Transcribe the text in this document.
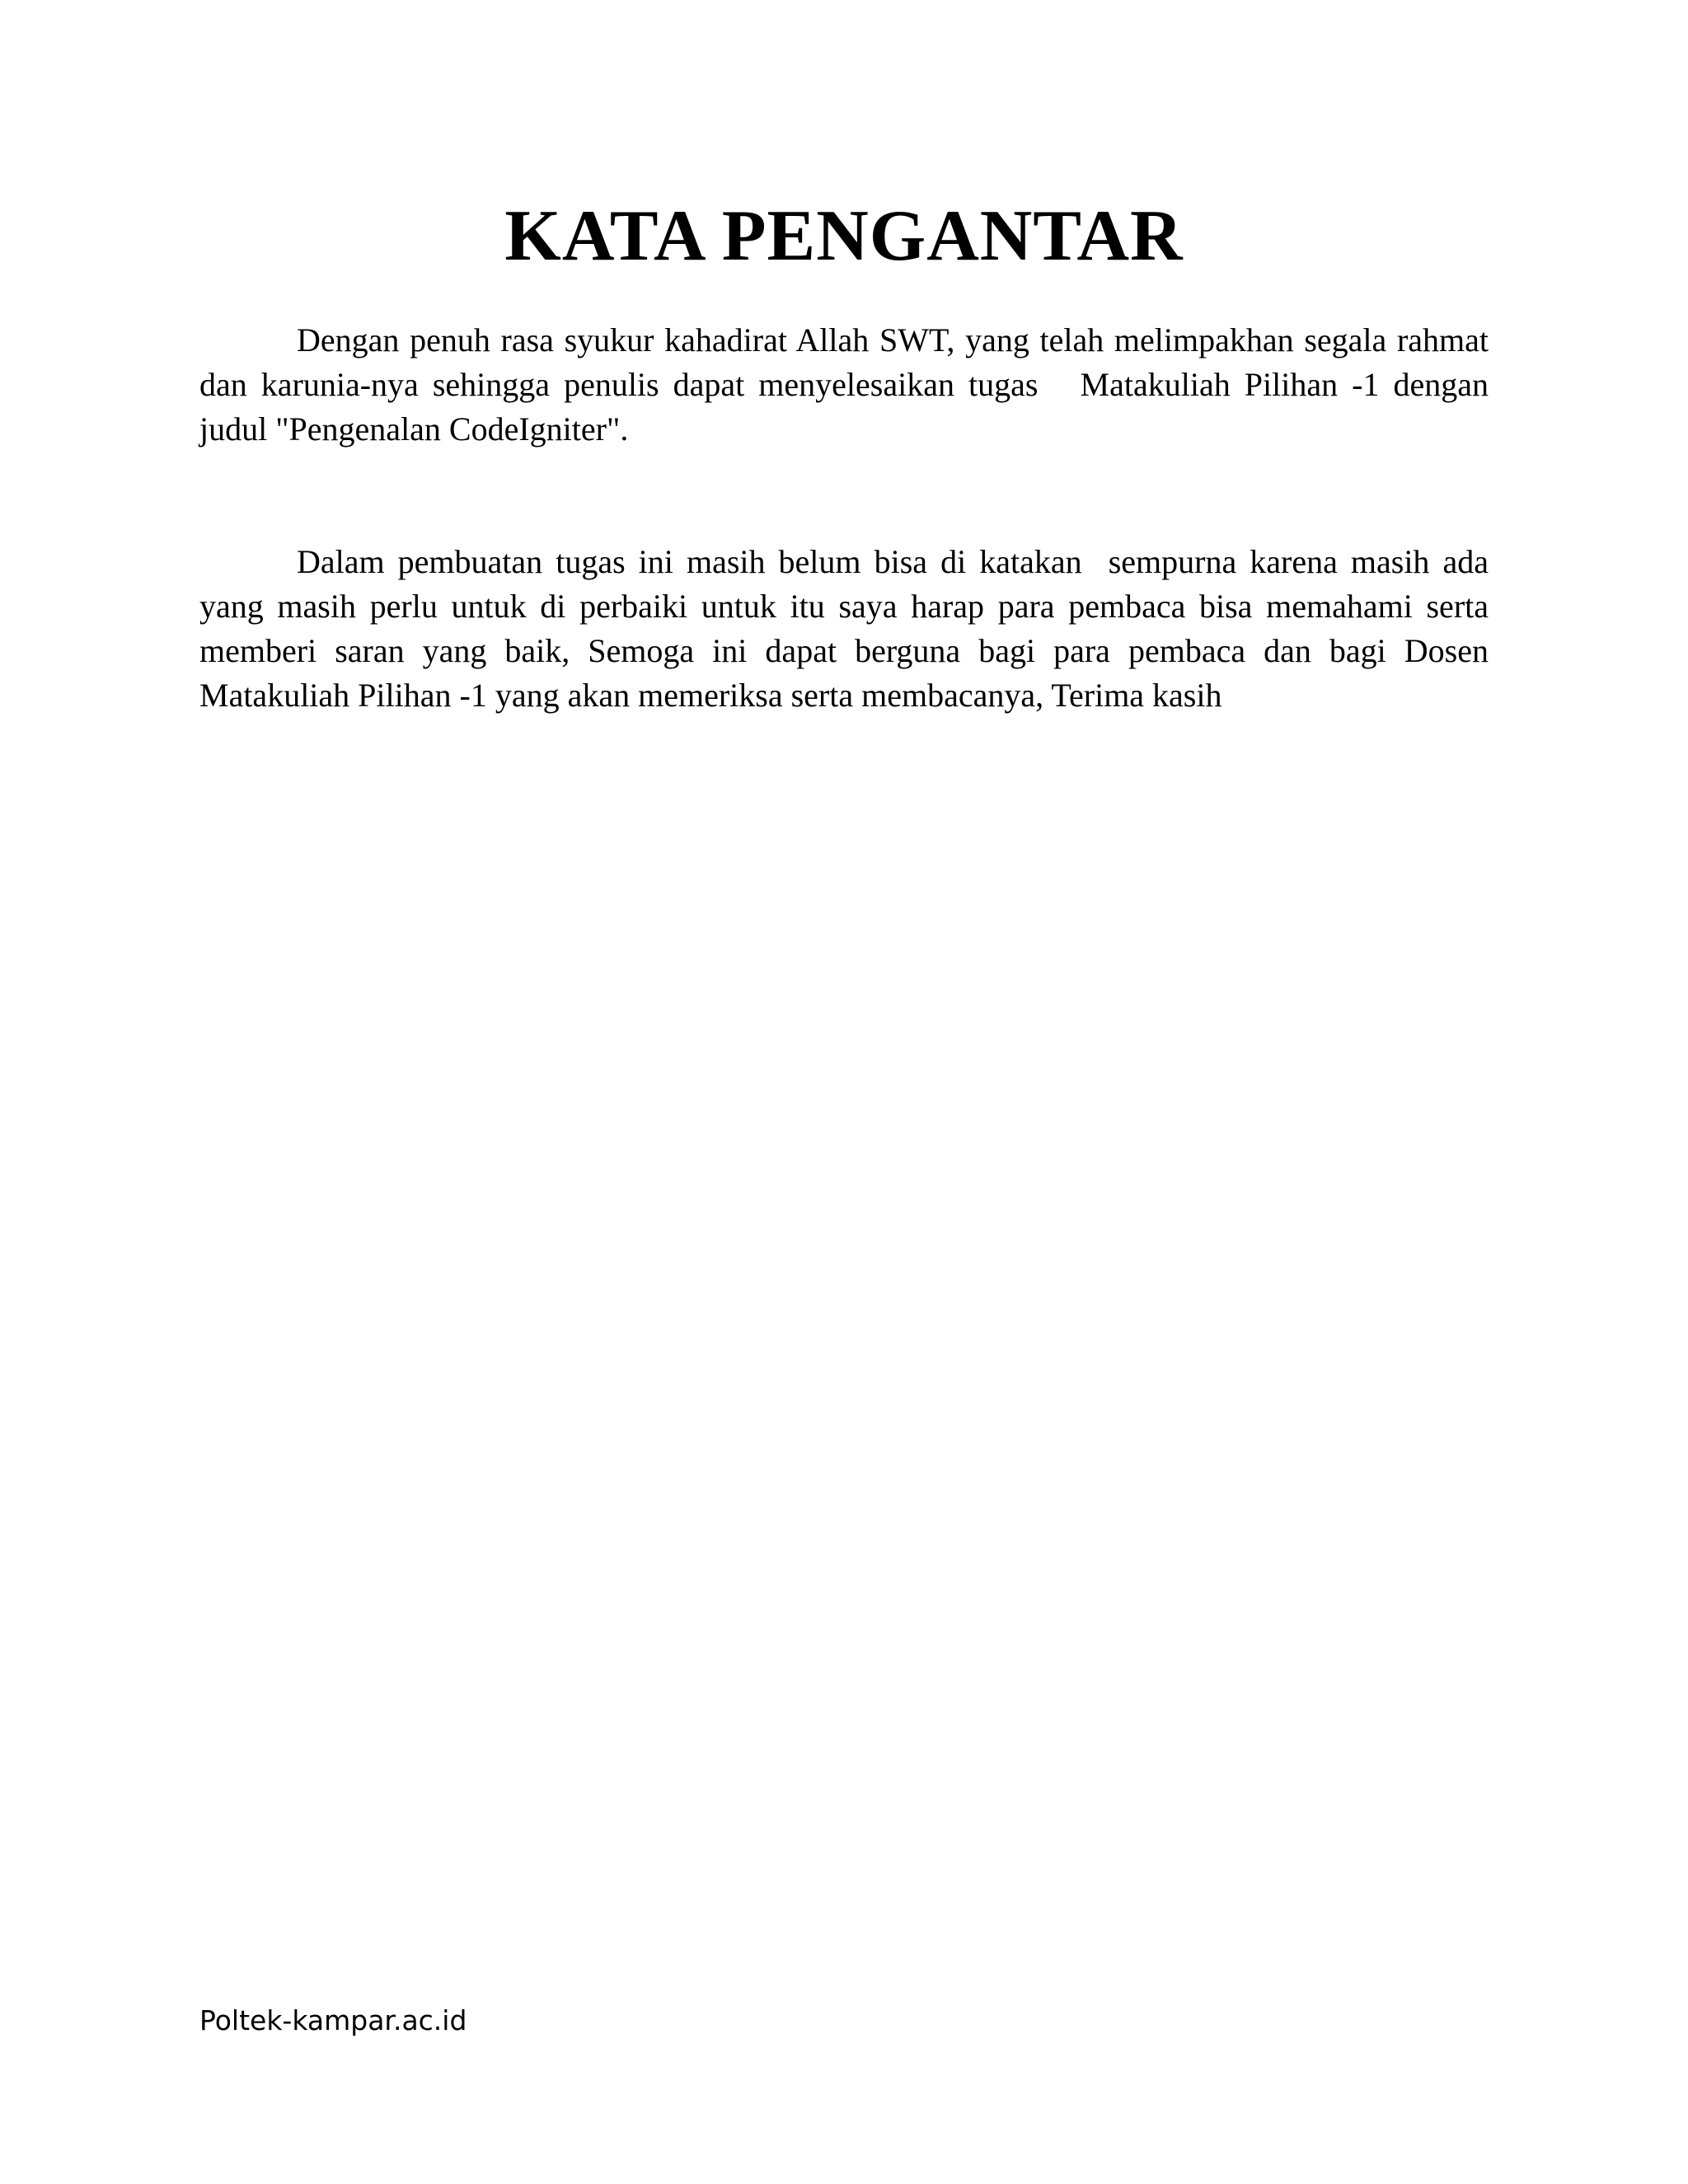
KATA PENGANTAR

Dengan penuh rasa syukur kahadirat Allah SWT, yang telah melimpakhan segala rahmat dan karunia-nya sehingga penulis dapat menyelesaikan tugas   Matakuliah Pilihan -1 dengan judul "Pengenalan CodeIgniter".

Dalam pembuatan tugas ini masih belum bisa di katakan  sempurna karena masih ada yang masih perlu untuk di perbaiki untuk itu saya harap para pembaca bisa memahami serta memberi saran yang baik, Semoga ini dapat berguna bagi para pembaca dan bagi Dosen Matakuliah Pilihan -1 yang akan memeriksa serta membacanya, Terima kasih

Poltek-kampar.ac.id
